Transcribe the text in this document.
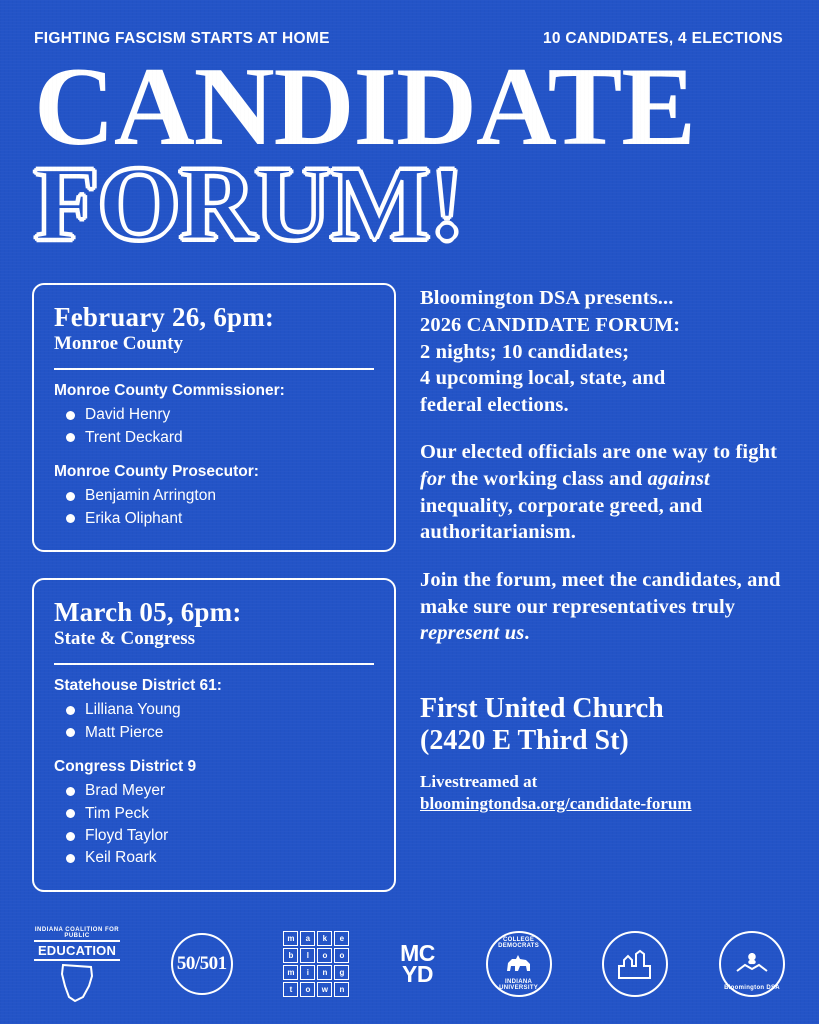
FIGHTING FASCISM STARTS AT HOME	10 CANDIDATES, 4 ELECTIONS
CANDIDATE
FORUM!
February 26, 6pm:
Monroe County
Monroe County Commissioner:
David Henry
Trent Deckard
Monroe County Prosecutor:
Benjamin Arrington
Erika Oliphant
March 05, 6pm:
State & Congress
Statehouse District 61:
Lilliana Young
Matt Pierce
Congress District 9
Brad Meyer
Tim Peck
Floyd Taylor
Keil Roark
Bloomington DSA presents...
2026 CANDIDATE FORUM:
2 nights; 10 candidates;
4 upcoming local, state, and
federal elections.
Our elected officials are one way to fight for the working class and against inequality, corporate greed, and authoritarianism.
Join the forum, meet the candidates, and make sure our representatives truly represent us.
First United Church
(2420 E Third St)
Livestreamed at
bloomingtondsa.org/candidate-forum
INDIANA COALITION FOR PUBLIC
EDUCATION
50/501
m	a	k	e
b	l	o	o
m	i	n	g
t	o	w	n
MC
YD
COLLEGE DEMOCRATS
INDIANA UNIVERSITY	Bloomington DSA
